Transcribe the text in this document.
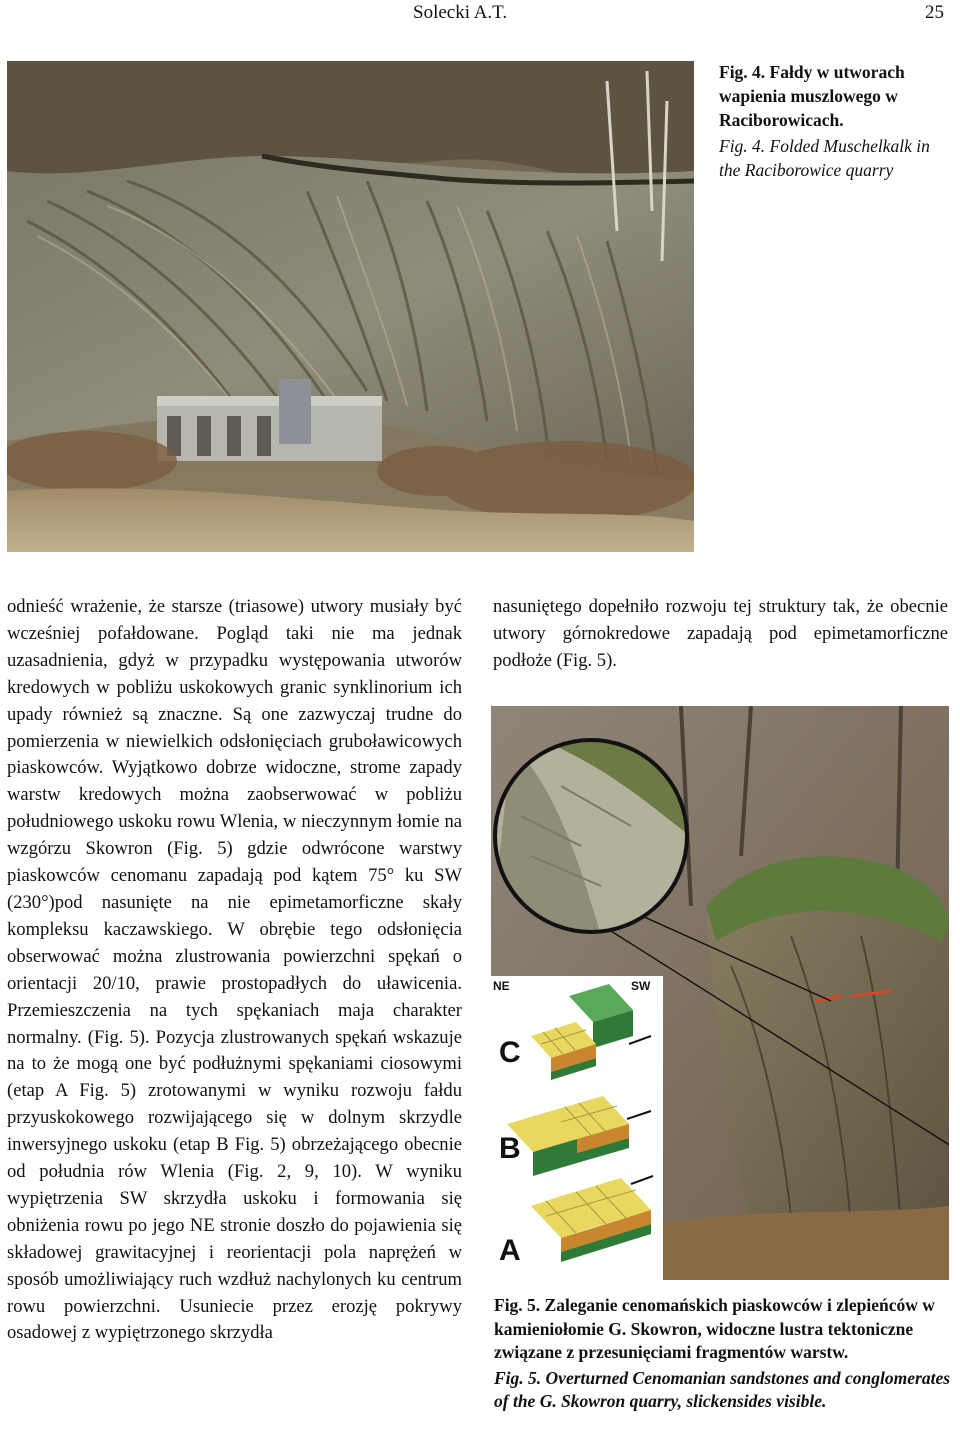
Solecki A.T.	25
Fig. 4. Fałdy w utworach wapienia muszlowego w Raciborowicach.
Fig. 4. Folded Muschelkalk in the Raciborowice quarry

odnieść wrażenie, że starsze (triasowe) utwory musiały być wcześniej pofałdowane. Pogląd taki nie ma jednak uzasadnienia, gdyż w przypadku występowania utworów kredowych w pobliżu uskokowych granic synklinorium ich upady również są znaczne. Są one zazwyczaj trudne do pomierzenia w niewielkich odsłonięciach gruboławicowych piaskowców. Wyjątkowo dobrze widoczne, strome zapady warstw kredowych można zaobserwować w pobliżu południowego uskoku rowu Wlenia, w nieczynnym łomie na wzgórzu Skowron (Fig. 5) gdzie odwrócone warstwy piaskowców cenomanu zapadają pod kątem 75° ku SW (230°)pod nasunięte na nie epimetamorficzne skały kompleksu kaczawskiego. W obrębie tego odsłonięcia obserwować można zlustrowania powierzchni spękań o orientacji 20/10, prawie prostopadłych do uławicenia. Przemieszczenia na tych spękaniach maja charakter normalny. (Fig. 5). Pozycja zlustrowanych spękań wskazuje na to że mogą one być podłużnymi spękaniami ciosowymi (etap A Fig. 5) zrotowanymi w wyniku rozwoju fałdu przyuskokowego rozwijającego się w dolnym skrzydle inwersyjnego uskoku (etap B Fig. 5) obrzeżającego obecnie od południa rów Wlenia (Fig. 2, 9, 10). W wyniku wypiętrzenia SW skrzydła uskoku i formowania się obniżenia rowu po jego NE stronie doszło do pojawienia się składowej grawitacyjnej i reorientacji pola naprężeń w sposób umożliwiający ruch wzdłuż nachylonych ku centrum rowu powierzchni. Usuniecie przez erozję pokrywy osadowej z wypiętrzonego skrzydła

nasuniętego dopełniło rozwoju tej struktury tak, że obecnie utwory górnokredowe zapadają pod epimetamorficzne podłoże (Fig. 5).

NE	SW
C
B
A
Fig. 5. Zaleganie cenomańskich piaskowców i zlepieńców w kamieniołomie G. Skowron, widoczne lustra tektoniczne związane z przesunięciami fragmentów warstw.
Fig. 5. Overturned Cenomanian sandstones and conglomerates of the G. Skowron quarry, slickensides visible.
